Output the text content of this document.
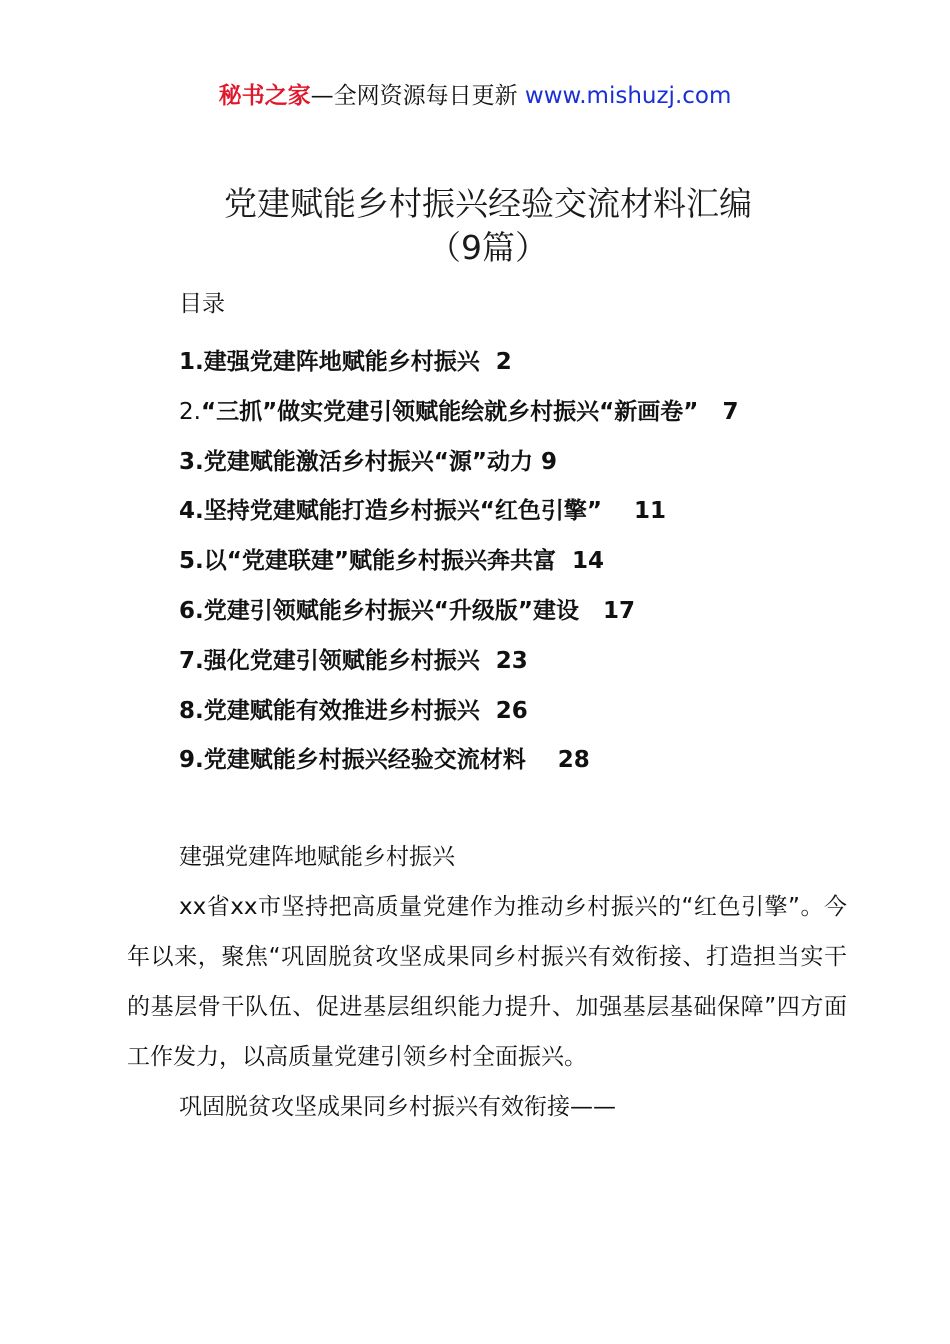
秘书之家—全网资源每日更新 www.mishuzj.com
党建赋能乡村振兴经验交流材料汇编
（9篇）
目录
1.建强党建阵地赋能乡村振兴  2
2.“三抓”做实党建引领赋能绘就乡村振兴“新画卷”   7
3.党建赋能激活乡村振兴“源”动力 9
4.坚持党建赋能打造乡村振兴“红色引擎”    11
5.以“党建联建”赋能乡村振兴奔共富  14
6.党建引领赋能乡村振兴“升级版”建设   17
7.强化党建引领赋能乡村振兴  23
8.党建赋能有效推进乡村振兴  26
9.党建赋能乡村振兴经验交流材料    28

建强党建阵地赋能乡村振兴

xx省xx市坚持把高质量党建作为推动乡村振兴的“红色引擎”。今年以来，聚焦“巩固脱贫攻坚成果同乡村振兴有效衔接、打造担当实干的基层骨干队伍、促进基层组织能力提升、加强基层基础保障”四方面工作发力，以高质量党建引领乡村全面振兴。

巩固脱贫攻坚成果同乡村振兴有效衔接——
